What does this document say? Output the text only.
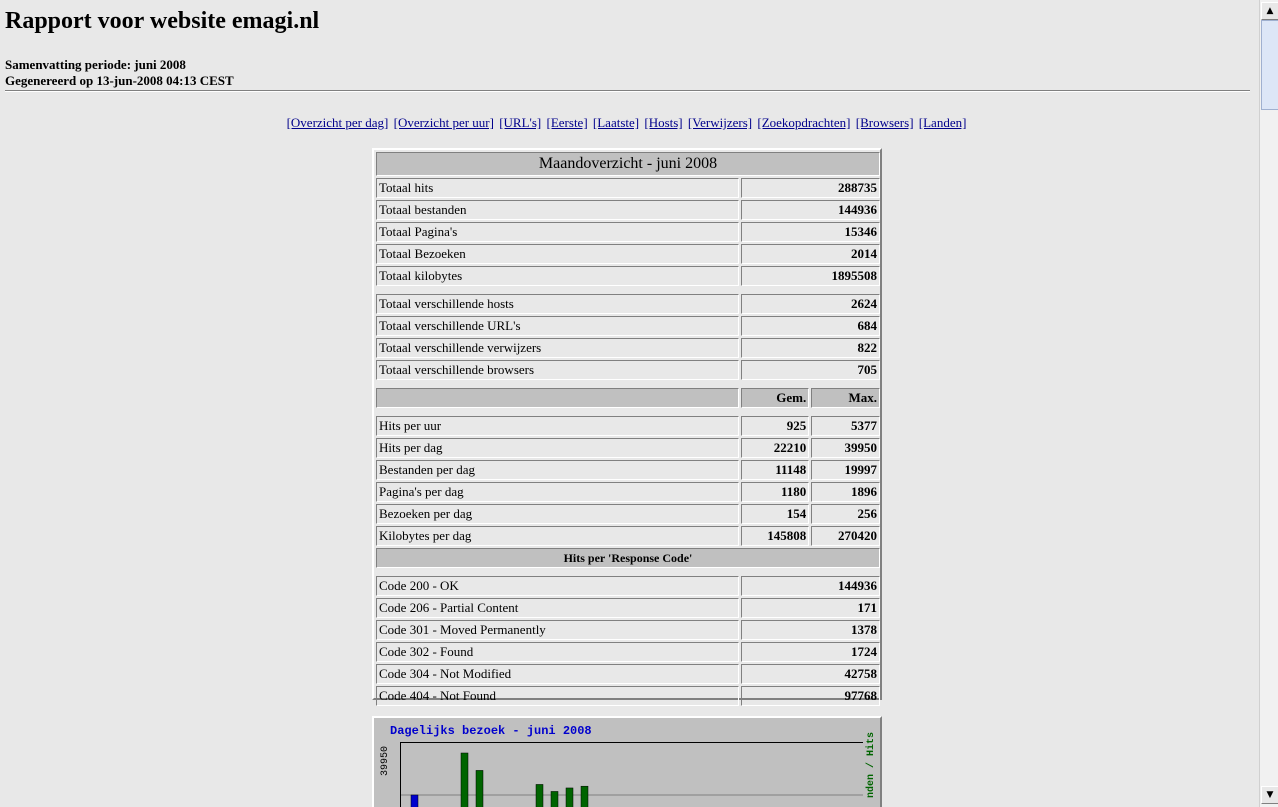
Rapport voor website emagi.nl
Samenvatting periode: juni 2008
Gegenereerd op 13-jun-2008 04:13 CEST
[Overzicht per dag] [Overzicht per uur] [URL's] [Eerste] [Laatste] [Hosts] [Verwijzers] [Zoekopdrachten] [Browsers] [Landen]
Maandoverzicht - juni 2008		
Totaal hits	288735	
Totaal bestanden	144936	
Totaal Pagina's	15346	
Totaal Bezoeken	2014	
Totaal kilobytes	1895508	

Totaal verschillende hosts	2624	
Totaal verschillende URL's	684	
Totaal verschillende verwijzers	822	
Totaal verschillende browsers	705	

	Gem.	Max.

Hits per uur	925	5377
Hits per dag	22210	39950
Bestanden per dag	11148	19997
Pagina's per dag	1180	1896
Bezoeken per dag	154	256
Kilobytes per dag	145808	270420
Hits per 'Response Code'		

Code 200 - OK	144936	
Code 206 - Partial Content	171	
Code 301 - Moved Permanently	1378	
Code 302 - Found	1724	
Code 304 - Not Modified	42758	
Code 404 - Not Found	97768	
Dagelijks bezoek - juni 2008
39950	nden / Hits
▲
▼
